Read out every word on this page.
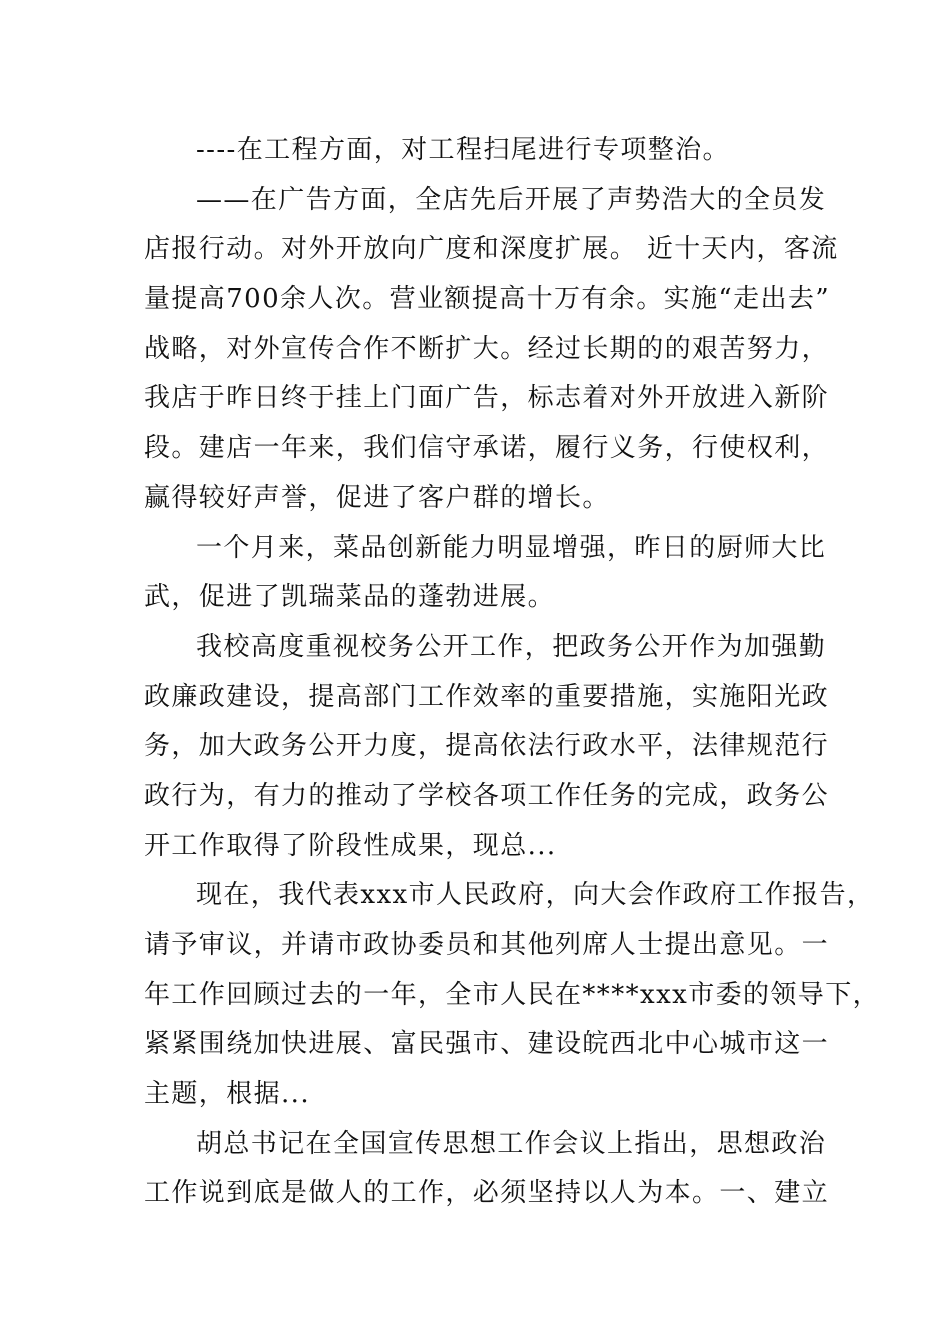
----在工程方面，对工程扫尾进行专项整治。
——在广告方面，全店先后开展了声势浩大的全员发
店报行动。对外开放向广度和深度扩展。 近十天内，客流
量提高700余人次。营业额提高十万有余。实施“走出去”
战略，对外宣传合作不断扩大。经过长期的的艰苦努力，
我店于昨日终于挂上门面广告，标志着对外开放进入新阶
段。建店一年来，我们信守承诺，履行义务，行使权利，
赢得较好声誉，促进了客户群的增长。
一个月来，菜品创新能力明显增强，昨日的厨师大比
武，促进了凯瑞菜品的蓬勃进展。
我校高度重视校务公开工作，把政务公开作为加强勤
政廉政建设，提高部门工作效率的重要措施，实施阳光政
务，加大政务公开力度，提高依法行政水平，法律规范行
政行为，有力的推动了学校各项工作任务的完成，政务公
开工作取得了阶段性成果，现总...
现在，我代表xxx市人民政府，向大会作政府工作报告，
请予审议，并请市政协委员和其他列席人士提出意见。一
年工作回顾过去的一年，全市人民在****xxx市委的领导下，
紧紧围绕加快进展、富民强市、建设皖西北中心城市这一
主题，根据...
胡总书记在全国宣传思想工作会议上指出，思想政治
工作说到底是做人的工作，必须坚持以人为本。一、建立
